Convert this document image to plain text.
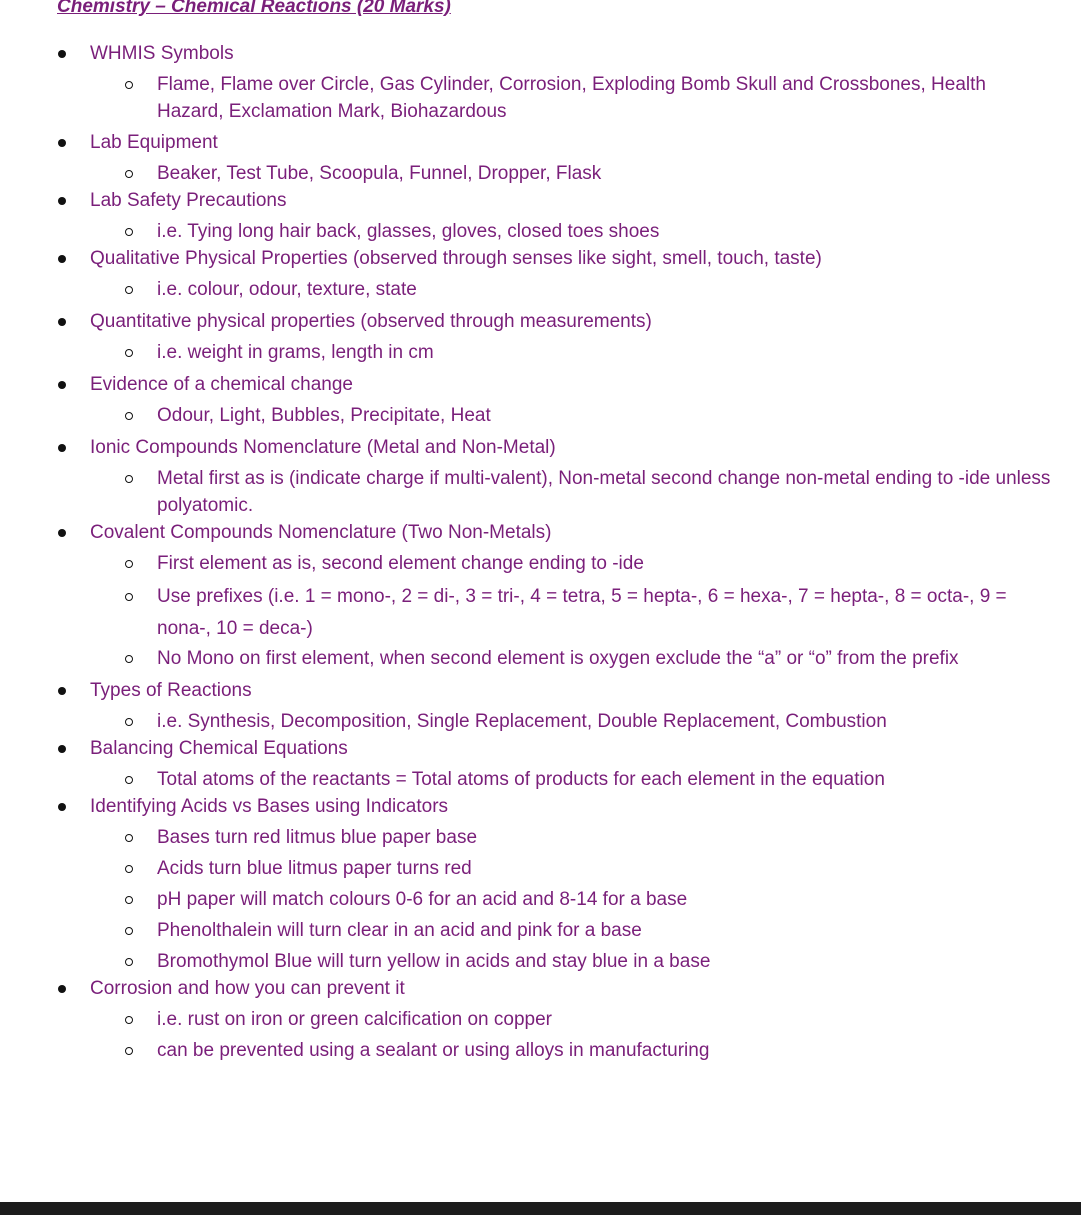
Chemistry – Chemical Reactions (20 Marks)
WHMIS Symbols
Flame, Flame over Circle, Gas Cylinder, Corrosion, Exploding Bomb Skull and Crossbones, Health Hazard, Exclamation Mark, Biohazardous
Lab Equipment
Beaker, Test Tube, Scoopula, Funnel, Dropper, Flask
Lab Safety Precautions
i.e. Tying long hair back, glasses, gloves, closed toes shoes
Qualitative Physical Properties (observed through senses like sight, smell, touch, taste)
i.e. colour, odour, texture, state
Quantitative physical properties (observed through measurements)
i.e. weight in grams, length in cm
Evidence of a chemical change
Odour, Light, Bubbles, Precipitate, Heat
Ionic Compounds Nomenclature (Metal and Non-Metal)
Metal first as is (indicate charge if multi-valent), Non-metal second change non-metal ending to -ide unless polyatomic.
Covalent Compounds Nomenclature (Two Non-Metals)
First element as is, second element change ending to -ide
Use prefixes (i.e. 1 = mono-, 2 = di-, 3 = tri-, 4 = tetra, 5 = hepta-, 6 = hexa-, 7 = hepta-, 8 = octa-, 9 = nona-, 10 = deca-)
No Mono on first element, when second element is oxygen exclude the “a” or “o” from the prefix
Types of Reactions
i.e. Synthesis, Decomposition, Single Replacement, Double Replacement, Combustion
Balancing Chemical Equations
Total atoms of the reactants = Total atoms of products for each element in the equation
Identifying Acids vs Bases using Indicators
Bases turn red litmus blue paper base
Acids turn blue litmus paper turns red
pH paper will match colours 0-6 for an acid and 8-14 for a base
Phenolthalein will turn clear in an acid and pink for a base
Bromothymol Blue will turn yellow in acids and stay blue in a base
Corrosion and how you can prevent it
i.e. rust on iron or green calcification on copper
can be prevented using a sealant or using alloys in manufacturing
